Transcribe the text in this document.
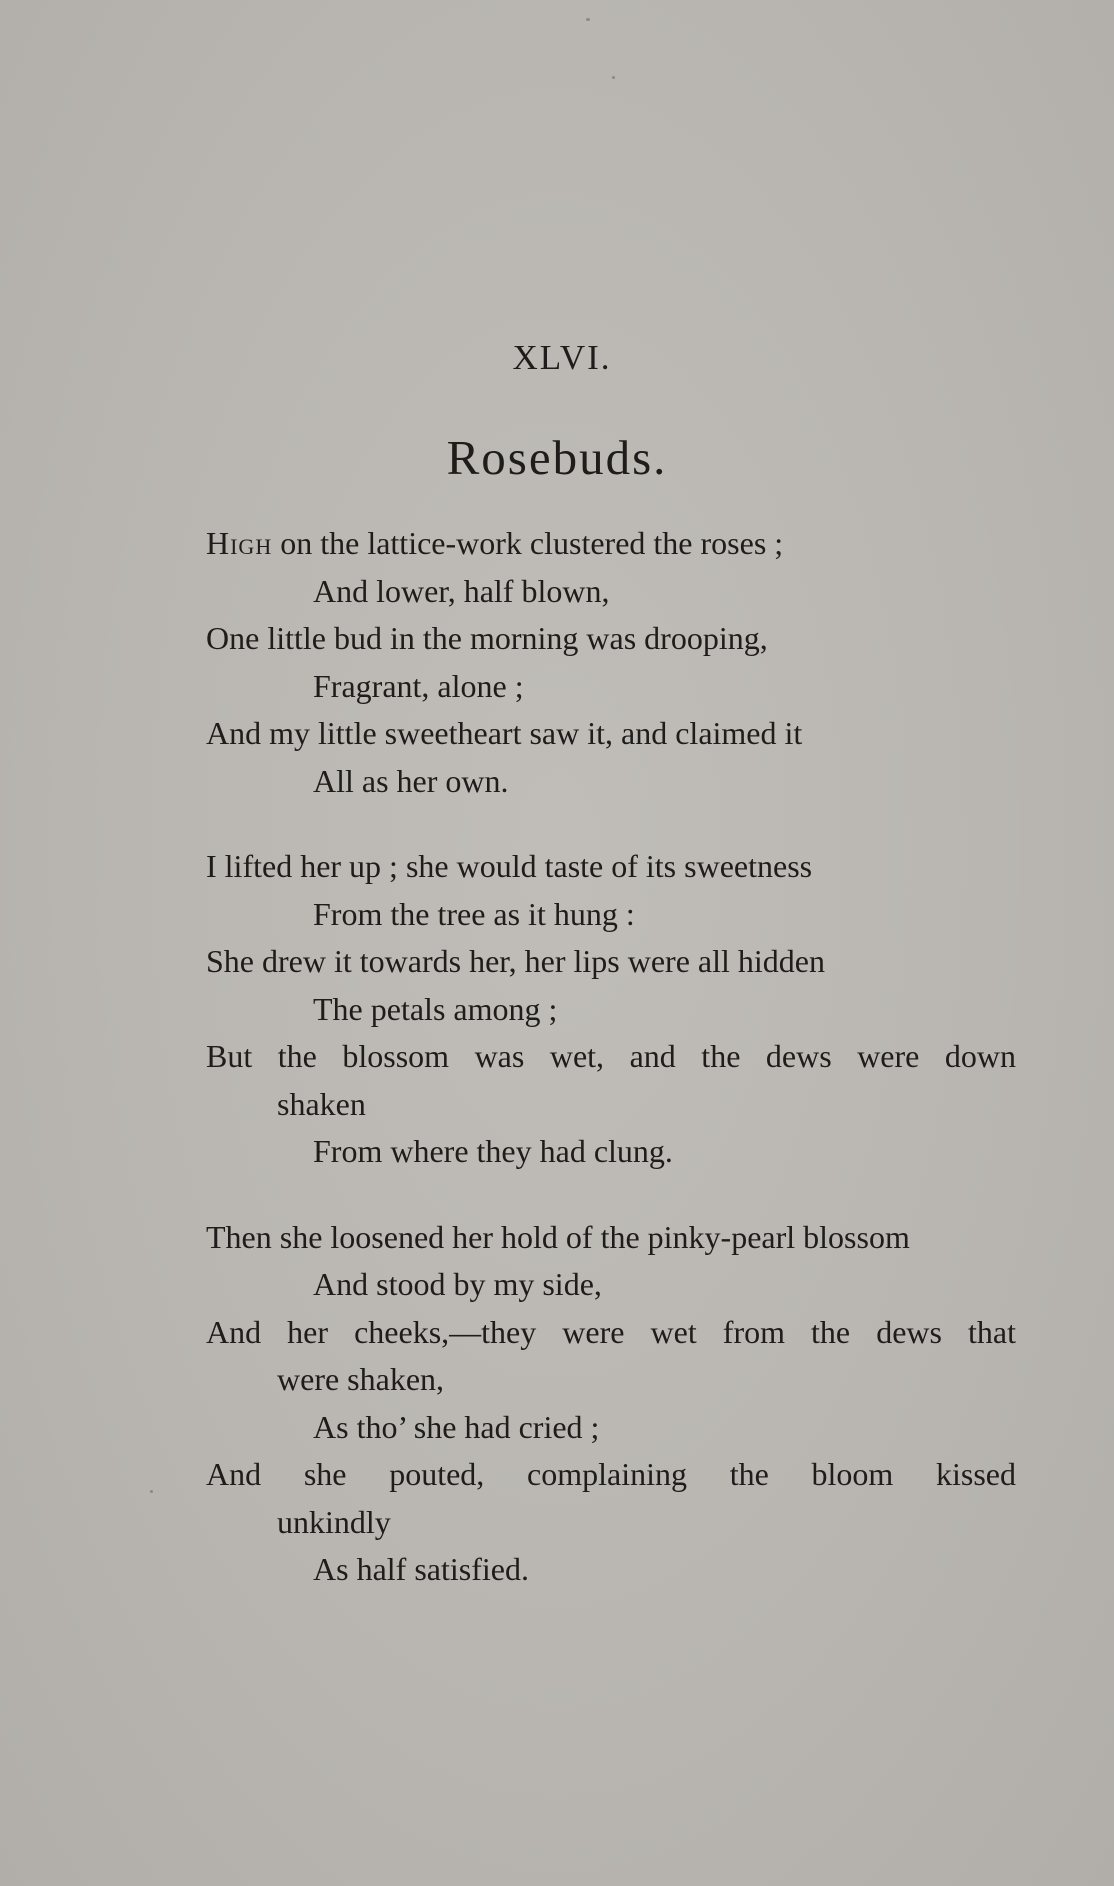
XLVI.
Rosebuds.
High on the lattice-work clustered the roses ;
And lower, half blown,
One little bud in the morning was drooping,
Fragrant, alone ;
And my little sweetheart saw it, and claimed it
All as her own.
I lifted her up ; she would taste of its sweetness
From the tree as it hung :
She drew it towards her, her lips were all hidden
The petals among ;
But the blossom was wet, and the dews were down
shaken
From where they had clung.
Then she loosened her hold of the pinky-pearl blossom
And stood by my side,
And her cheeks,—they were wet from the dews that
were shaken,
As tho’ she had cried ;
And she pouted, complaining the bloom kissed
unkindly
As half satisfied.
